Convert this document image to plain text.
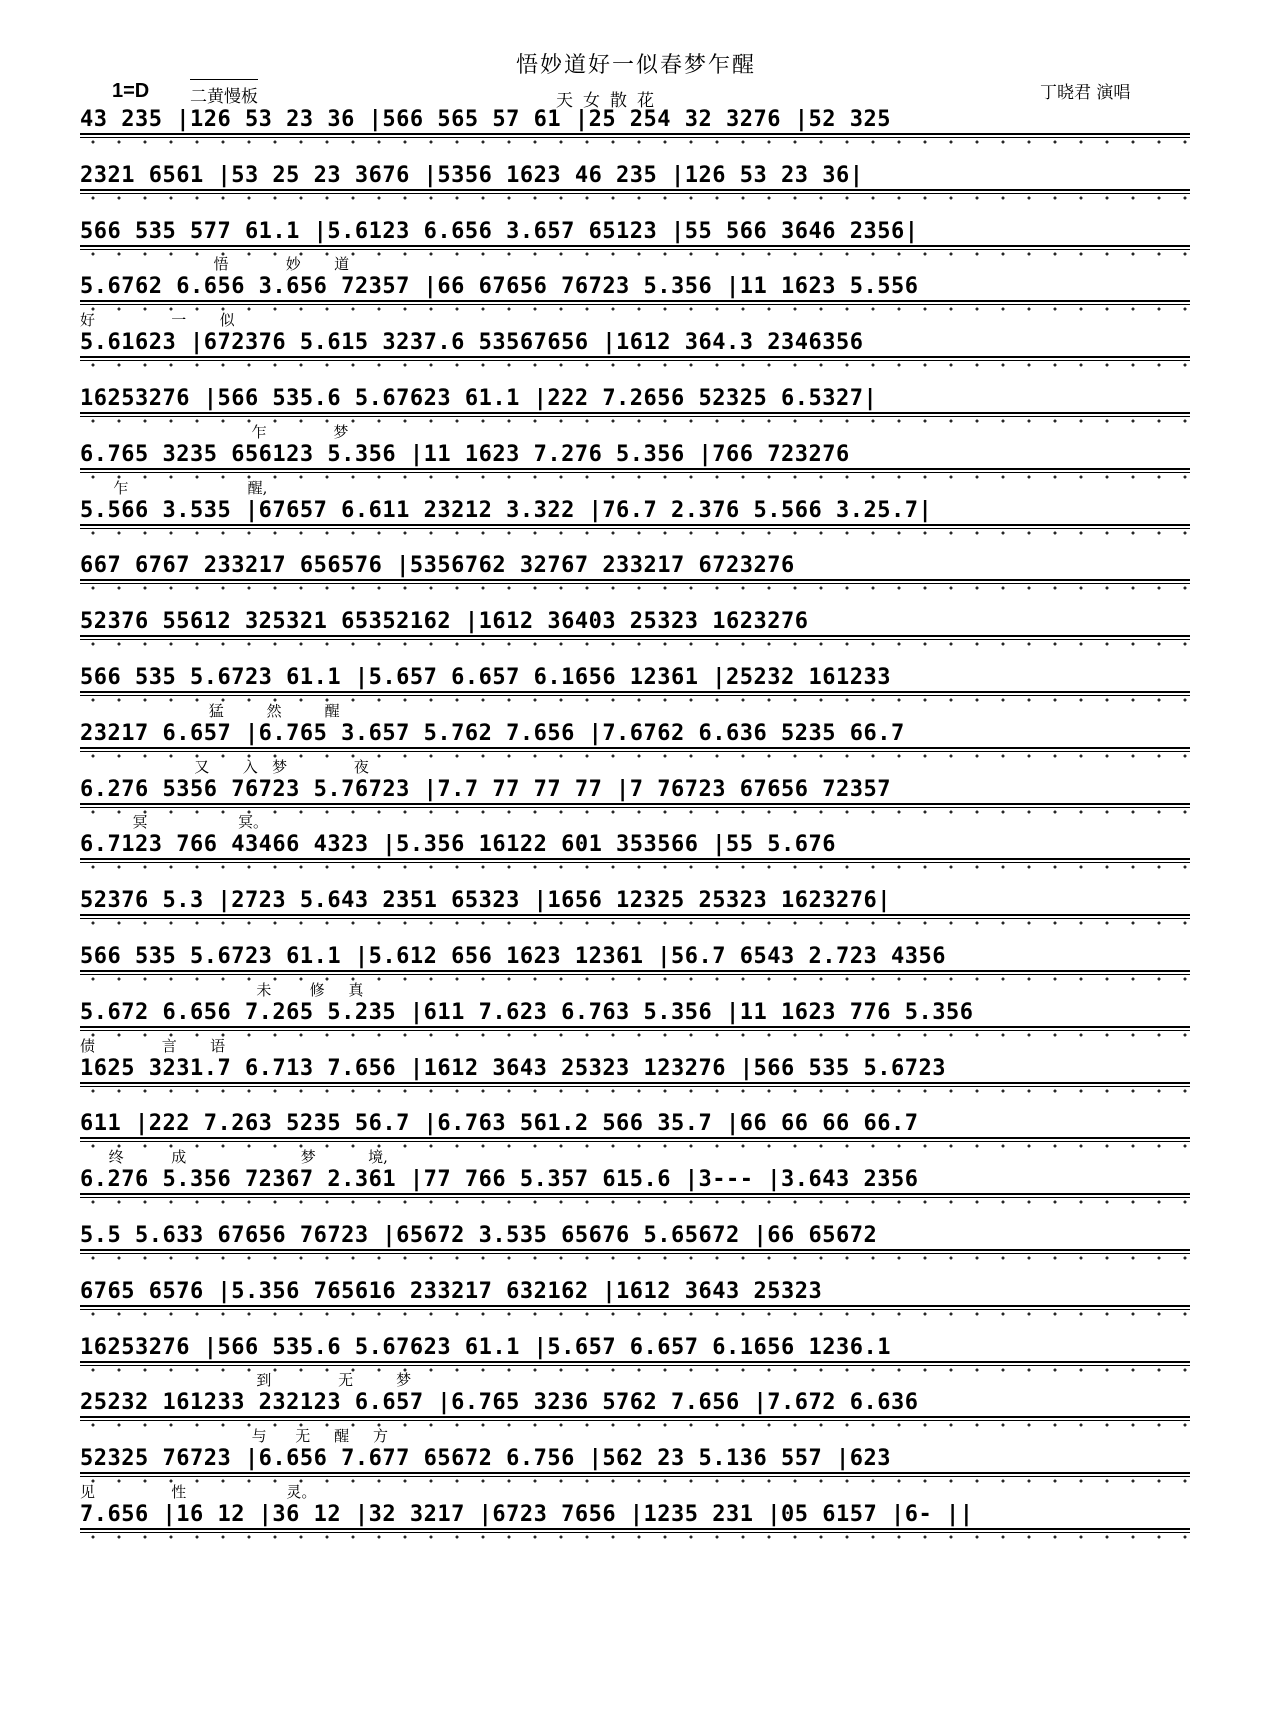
悟妙道好一似春梦乍醒
1=D 二黄慢板	天女散花	丁晓君 演唱
43 235 |126 53 23 36 |566 565 57 61 |25 254 32 3276 |52 325
2321 6561 |53 25 23 3676 |5356 1623 46 235 |126 53 23 36|
566 535 577 61.1 |5.6123 6.656 3.657 65123 |55 566 3646 2356|
悟            妙       道
5.6762 6.656 3.656 72357 |66 67656 76723 5.356 |11 1623 5.556
好                一       似
5.61623 |672376 5.615 3237.6 53567656 |1612 364.3 2346356
16253276 |566 535.6 5.67623 61.1 |222 7.2656 52325 6.5327|
乍              梦
6.765 3235 656123 5.356 |11 1623 7.276 5.356 |766 723276
乍                         醒,
5.566 3.535 |67657 6.611 23212 3.322 |76.7 2.376 5.566 3.25.7|
667 6767 233217 656576 |5356762 32767 233217 6723276
52376 55612 325321 65352162 |1612 36403 25323 1623276
566 535 5.6723 61.1 |5.657 6.657 6.1656 12361 |25232 161233
猛         然         醒
23217 6.657 |6.765 3.657 5.762 7.656 |7.6762 6.636 5235 66.7
又       入   梦              夜
6.276 5356 76723 5.76723 |7.7 77 77 77 |7 76723 67656 72357
冥                   冥。
6.7123 766 43466 4323 |5.356 16122 601 353566 |55 5.676
52376 5.3 |2723 5.643 2351 65323 |1656 12325 25323 1623276|
566 535 5.6723 61.1 |5.612 656 1623 12361 |56.7 6543 2.723 4356
未        修     真
5.672 6.656 7.265 5.235 |611 7.623 6.763 5.356 |11 1623 776 5.356
债              言       语
1625 3231.7 6.713 7.656 |1612 3643 25323 123276 |566 535 5.6723
611 |222 7.263 5235 56.7 |6.763 561.2 566 35.7 |66 66 66 66.7
终          成                        梦           境,
6.276 5.356 72367 2.361 |77 766 5.357 615.6 |3--- |3.643 2356
5.5 5.633 67656 76723 |65672 3.535 65676 5.65672 |66 65672
6765 6576 |5.356 765616 233217 632162 |1612 3643 25323
16253276 |566 535.6 5.67623 61.1 |5.657 6.657 6.1656 1236.1
到              无         梦
25232 161233 232123 6.657 |6.765 3236 5762 7.656 |7.672 6.636
与      无     醒     方
52325 76723 |6.656 7.677 65672 6.756 |562 23 5.136 557 |623
见                性                     灵。
7.656 |16 12 |36 12 |32 3217 |6723 7656 |1235 231 |05 6157 |6- ||
